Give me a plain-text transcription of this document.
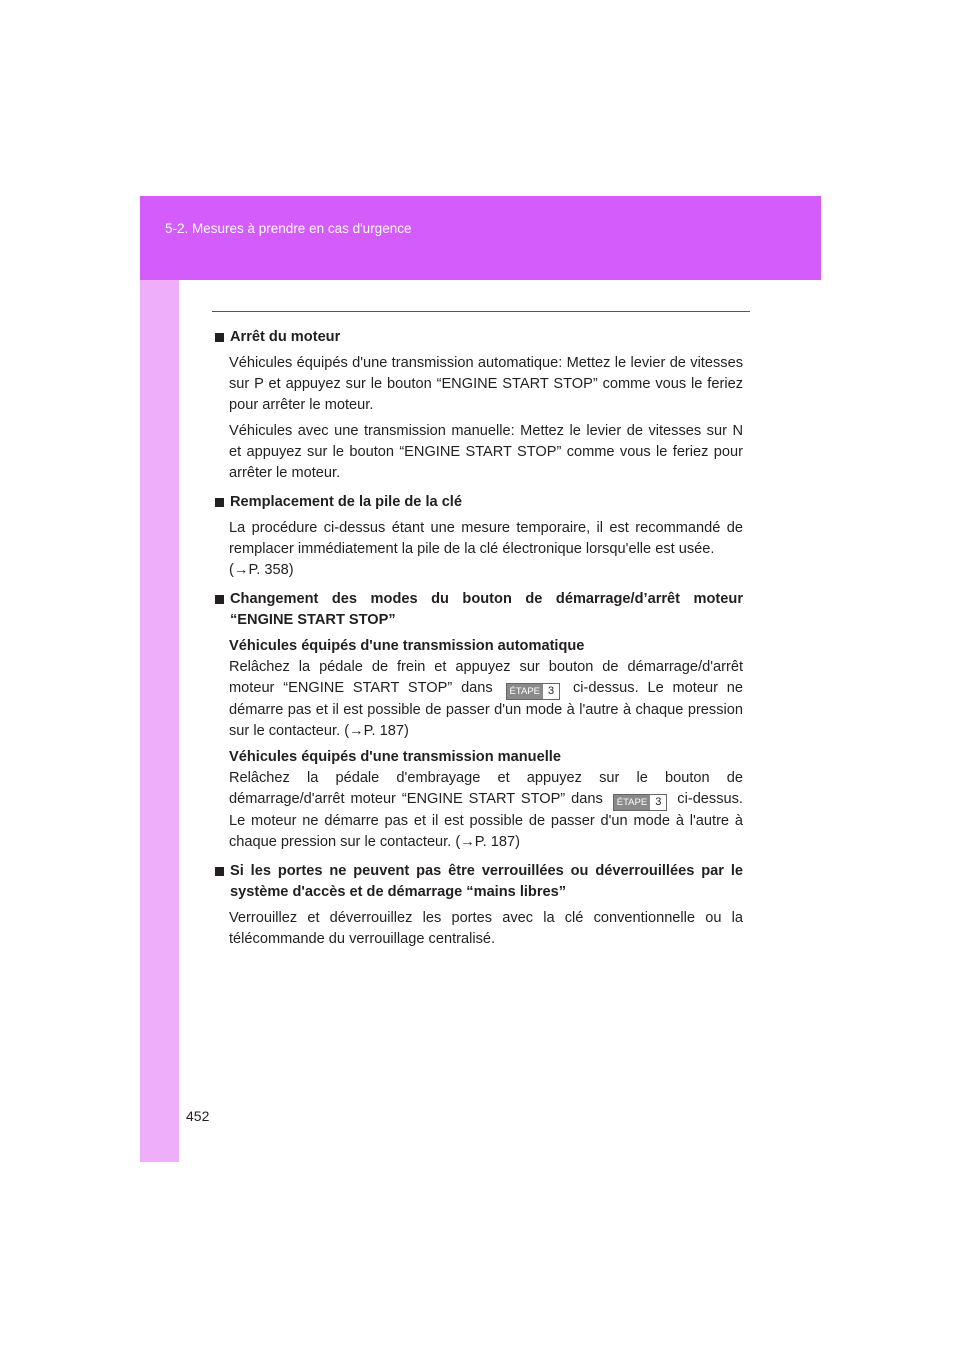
5-2. Mesures à prendre en cas d'urgence
Arrêt du moteur

Véhicules équipés d'une transmission automatique: Mettez le levier de vitesses sur P et appuyez sur le bouton “ENGINE START STOP” comme vous le feriez pour arrêter le moteur.

Véhicules avec une transmission manuelle: Mettez le levier de vitesses sur N et appuyez sur le bouton “ENGINE START STOP” comme vous le feriez pour arrêter le moteur.

Remplacement de la pile de la clé

La procédure ci-dessus étant une mesure temporaire, il est recommandé de remplacer immédiatement la pile de la clé électronique lorsqu'elle est usée.
(→P. 358)

Changement des modes du bouton de démarrage/d’arrêt moteur “ENGINE START STOP”

Véhicules équipés d'une transmission automatique
Relâchez la pédale de frein et appuyez sur bouton de démarrage/d'arrêt moteur “ENGINE START STOP” dans	ÉTAPE 3	ci-dessus. Le moteur ne démarre pas et il est possible de passer d'un mode à l'autre à chaque pression sur le contacteur. (→P. 187)

Véhicules équipés d'une transmission manuelle
Relâchez la pédale d'embrayage et appuyez sur le bouton de démarrage/d'arrêt moteur “ENGINE START STOP” dans	ÉTAPE 3	ci-dessus. Le moteur ne démarre pas et il est possible de passer d'un mode à l'autre à chaque pression sur le contacteur. (→P. 187)

Si les portes ne peuvent pas être verrouillées ou déverrouillées par le système d'accès et de démarrage “mains libres”

Verrouillez et déverrouillez les portes avec la clé conventionnelle ou la télécommande du verrouillage centralisé.

452
